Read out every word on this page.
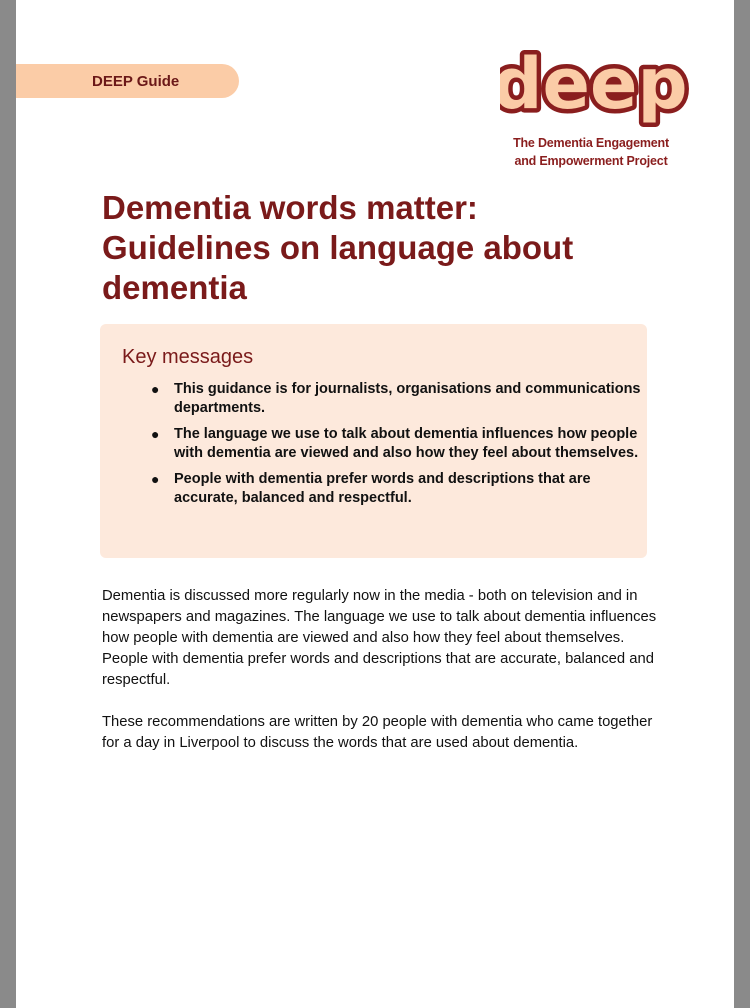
DEEP Guide	deep
The Dementia Engagement
and Empowerment Project
Dementia words matter:
Guidelines on language about
dementia
Key messages
● This guidance is for journalists, organisations and communications departments.
● The language we use to talk about dementia influences how people with dementia are viewed and also how they feel about themselves.
● People with dementia prefer words and descriptions that are accurate, balanced and respectful.

Dementia is discussed more regularly now in the media - both on television and in newspapers and magazines. The language we use to talk about dementia influences how people with dementia are viewed and also how they feel about themselves. People with dementia prefer words and descriptions that are accurate, balanced and respectful.

These recommendations are written by 20 people with dementia who came together for a day in Liverpool to discuss the words that are used about dementia.
